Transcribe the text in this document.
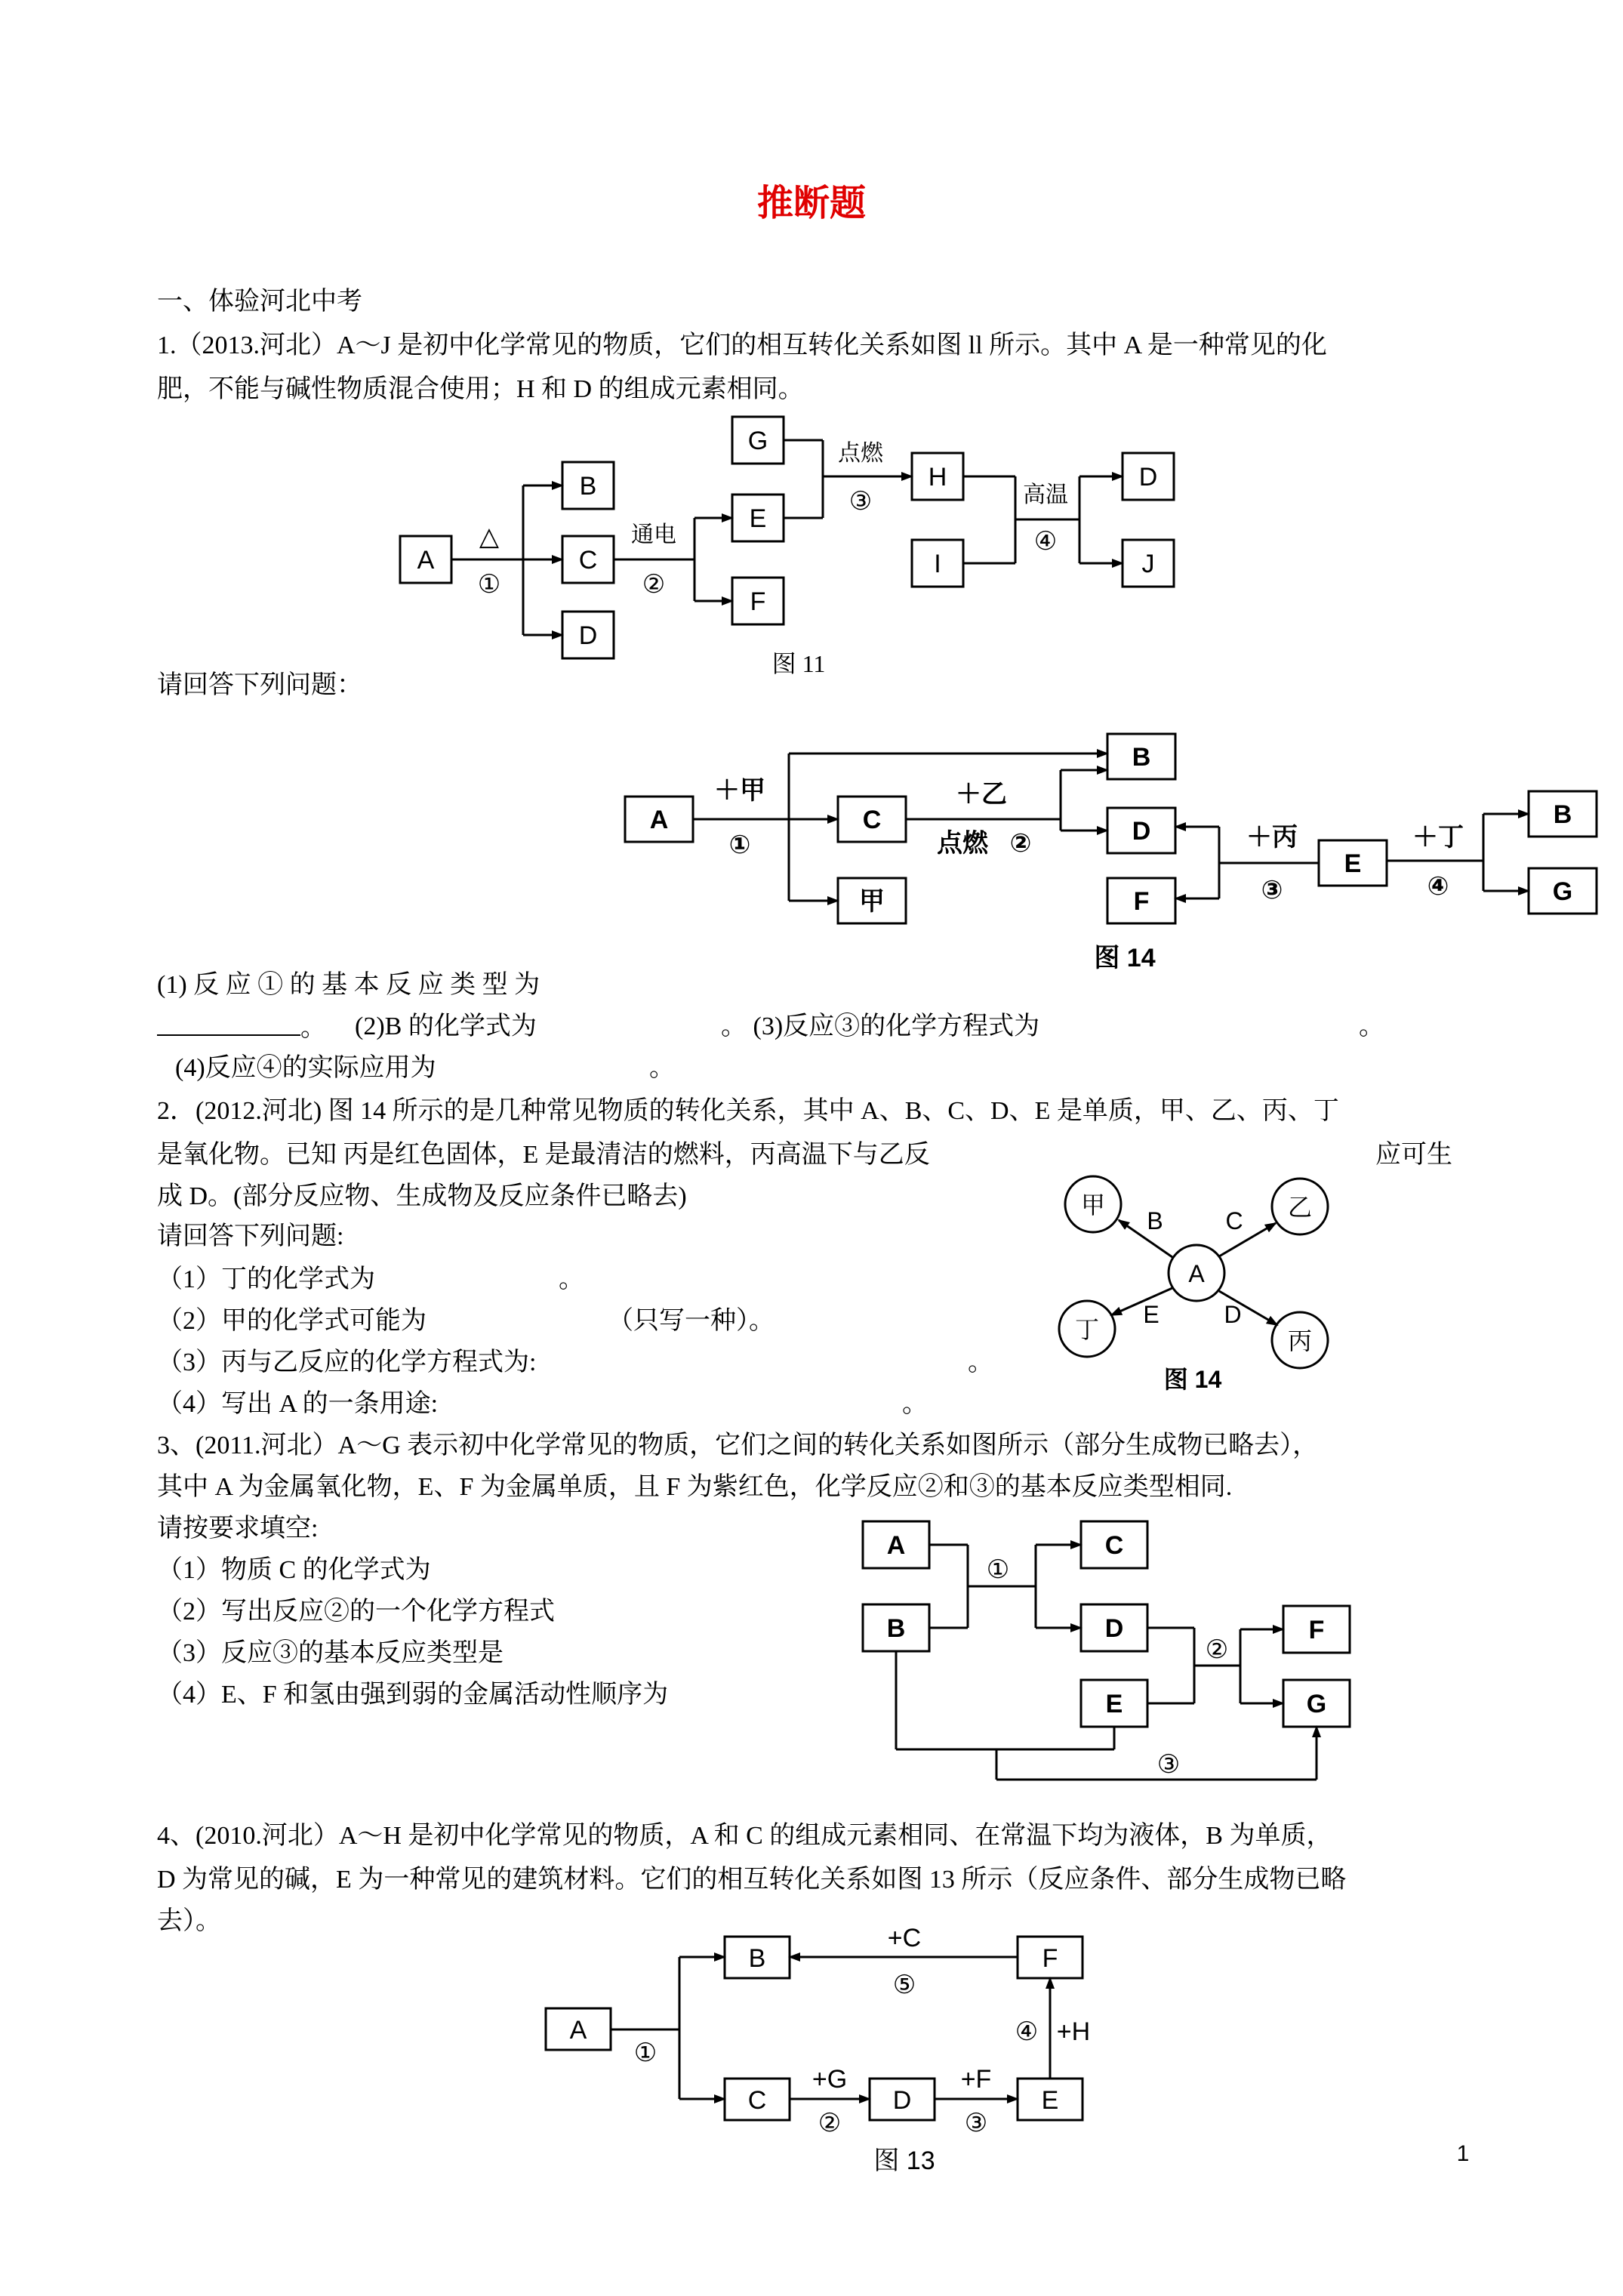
推断题
一、体验河北中考
1.（2013.河北）A～J 是初中化学常见的物质，它们的相互转化关系如图 ll 所示。其中 A 是一种常见的化
肥，不能与碱性物质混合使用；H 和 D 的组成元素相同。
A
B
C
D
G
E
F
H
I
D
J
△
①
通电
②
点燃
③	高温
④
图 11
请回答下列问题：
A	C
甲
B
D
F
E
B
G
＋甲
①
＋乙
点燃 ②	＋丙
③
＋丁
④
图 14
(1) 反 应 ① 的 基 本 反 应 类 型 为
。 (2)B 的化学式为	。 (3)反应③的化学方程式为	。
(4)反应④的实际应用为	。
2．(2012.河北) 图 14 所示的是几种常见物质的转化关系，其中 A、B、C、D、E 是单质，甲、乙、丙、丁
是氧化物。已知 丙是红色固体，E 是最清洁的燃料，丙高温下与乙反	应可生
成 D。(部分反应物、生成物及反应条件已略去)
请回答下列问题:
（1）丁的化学式为	。
（2）甲的化学式可能为	（只写一种）。
（3）丙与乙反应的化学方程式为:	。
（4）写出 A 的一条用途:	。
A
甲	乙
丁	丙
B	C
E	D
图 14
3、(2011.河北）A～G 表示初中化学常见的物质，它们之间的转化关系如图所示（部分生成物已略去），
其中 A 为金属氧化物，E、F 为金属单质，且 F 为紫红色，化学反应②和③的基本反应类型相同.
请按要求填空:
（1）物质 C 的化学式为
（2）写出反应②的一个化学方程式
（3）反应③的基本反应类型是
（4）E、F 和氢由强到弱的金属活动性顺序为
A
B
C
D
E
F
G
①
②
③
4、(2010.河北）A～H 是初中化学常见的物质，A 和 C 的组成元素相同、在常温下均为液体，B 为单质，
D 为常见的碱，E 为一种常见的建筑材料。它们的相互转化关系如图 13 所示（反应条件、部分生成物已略
去）。
A
B	F
C	D	E
+C
⑤
④ +H
+G
②
+F
③
①
图 13	1
